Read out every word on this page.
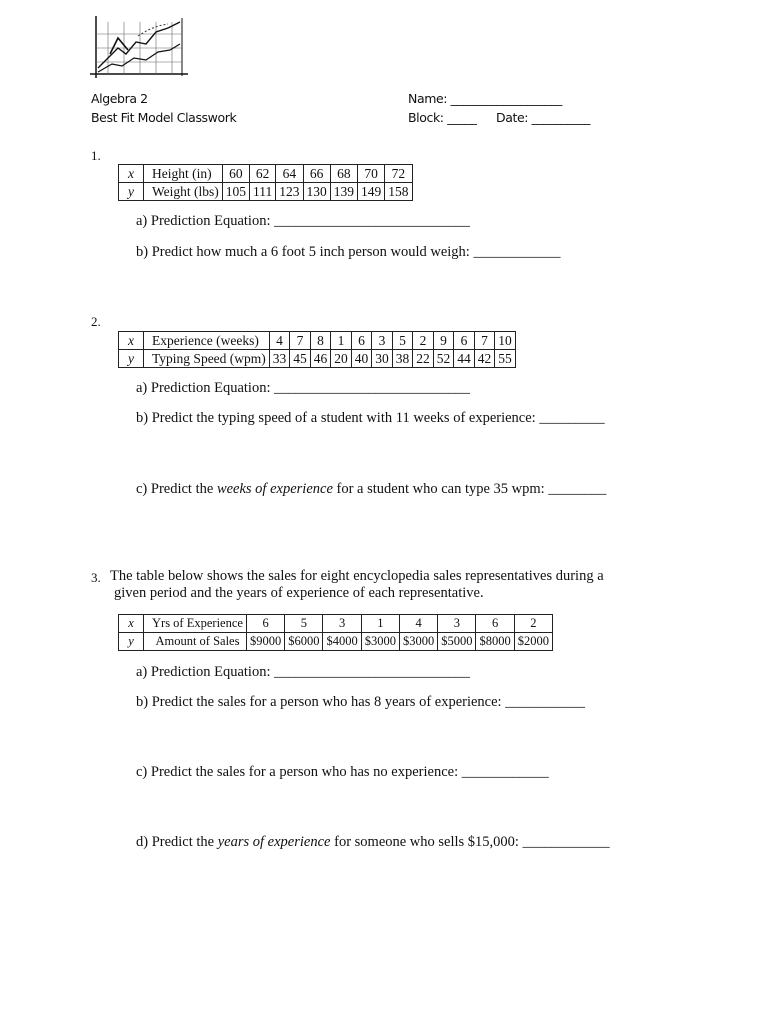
Algebra 2
Best Fit Model Classwork
Name: ___________________
Block: _____ Date: __________
1.
x	Height (in)	60	62	64	66	68	70	72
y	Weight (lbs)	105	111	123	130	139	149	158
a) Prediction Equation: ___________________________
b) Predict how much a 6 foot 5 inch person would weigh: ____________
2.
x	Experience (weeks)	4	7	8	1	6	3	5	2	9	6	7	10
y	Typing Speed (wpm)	33	45	46	20	40	30	38	22	52	44	42	55
a) Prediction Equation: ___________________________
b) Predict the typing speed of a student with 11 weeks of experience: _________
c) Predict the weeks of experience for a student who can type 35 wpm: ________
3. The table below shows the sales for eight encyclopedia sales representatives during a
given period and the years of experience of each representative.
x	Yrs of Experience	6	5	3	1	4	3	6	2
y	Amount of Sales	$9000	$6000	$4000	$3000	$3000	$5000	$8000	$2000
a) Prediction Equation: ___________________________
b) Predict the sales for a person who has 8 years of experience: ___________
c) Predict the sales for a person who has no experience: ____________
d) Predict the years of experience for someone who sells $15,000: ____________
